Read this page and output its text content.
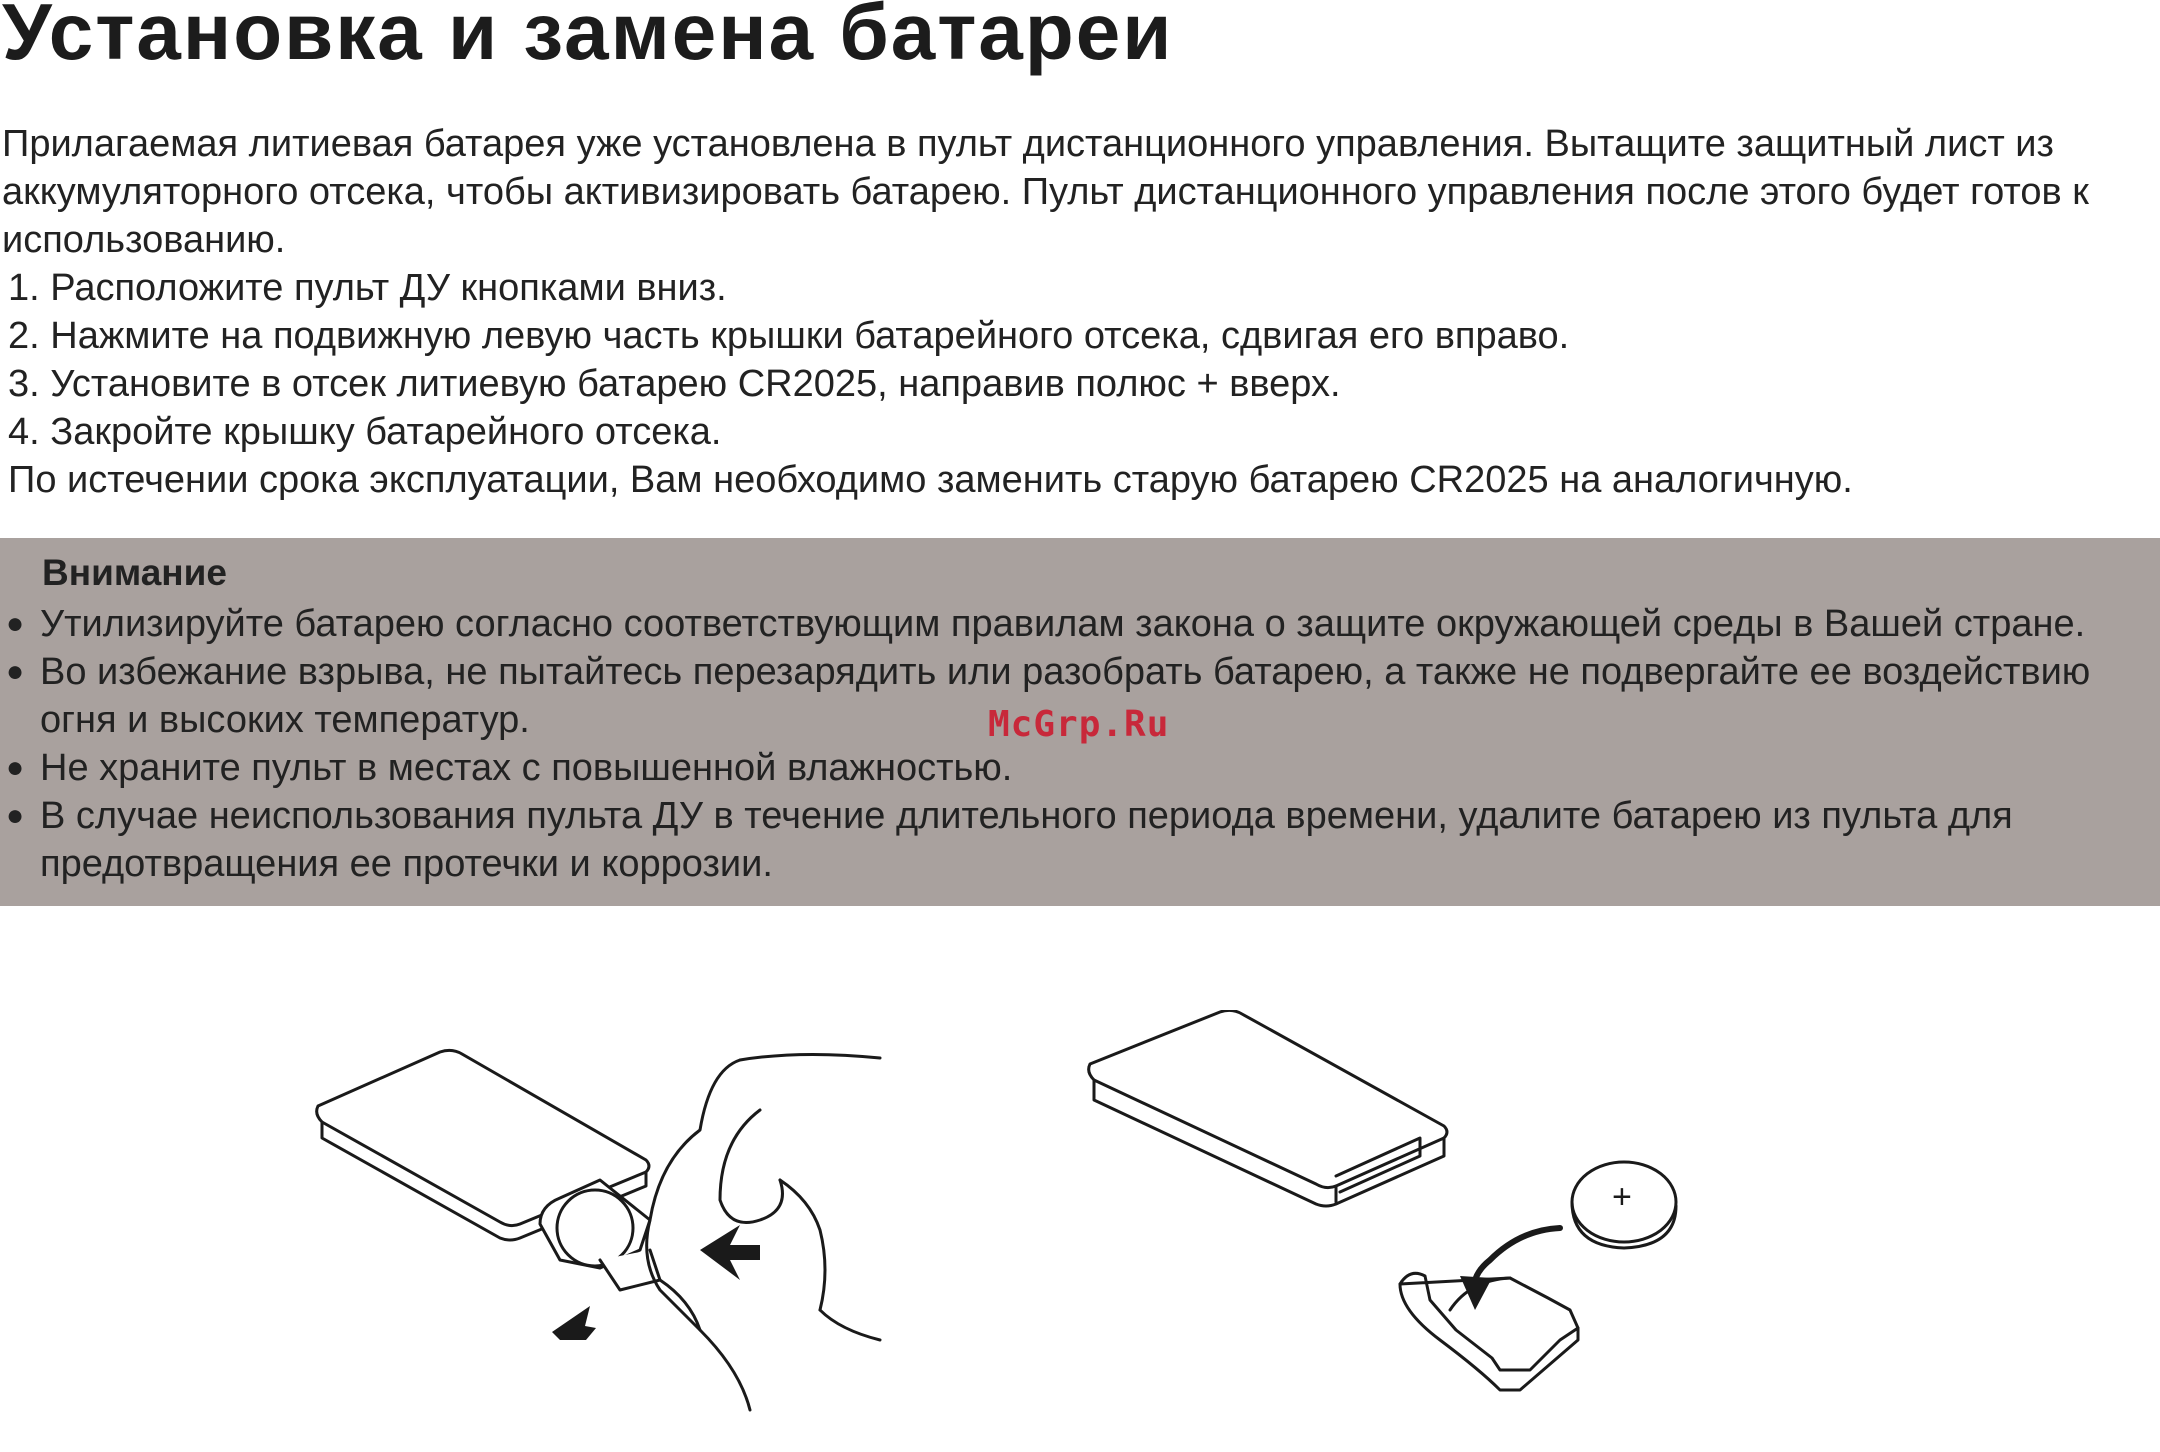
Установка и замена батареи

Прилагаемая литиевая батарея уже установлена в пульт дистанционного управления. Вытащите защитный лист из аккумуляторного отсека, чтобы активизировать батарею. Пульт дистанционного управления после этого будет готов к использованию.

1. Расположите пульт ДУ кнопками вниз.
2. Нажмите на подвижную левую часть крышки батарейного отсека, сдвигая его вправо.
3. Установите в отсек литиевую батарею CR2025, направив полюс + вверх.
4. Закройте крышку батарейного отсека.

По истечении срока эксплуатации, Вам необходимо заменить старую батарею CR2025 на аналогичную.

Внимание
● Утилизируйте батарею согласно соответствующим правилам закона о защите окружающей среды в Вашей стране.
● Во избежание взрыва, не пытайтесь перезарядить или разобрать батарею, а также не подвергайте ее воздействию огня и высоких температур.
● Не храните пульт в местах с повышенной влажностью.
● В случае неиспользования пульта ДУ в течение длительного периода времени, удалите батарею из пульта для предотвращения ее протечки и коррозии.
McGrp.Ru
+
